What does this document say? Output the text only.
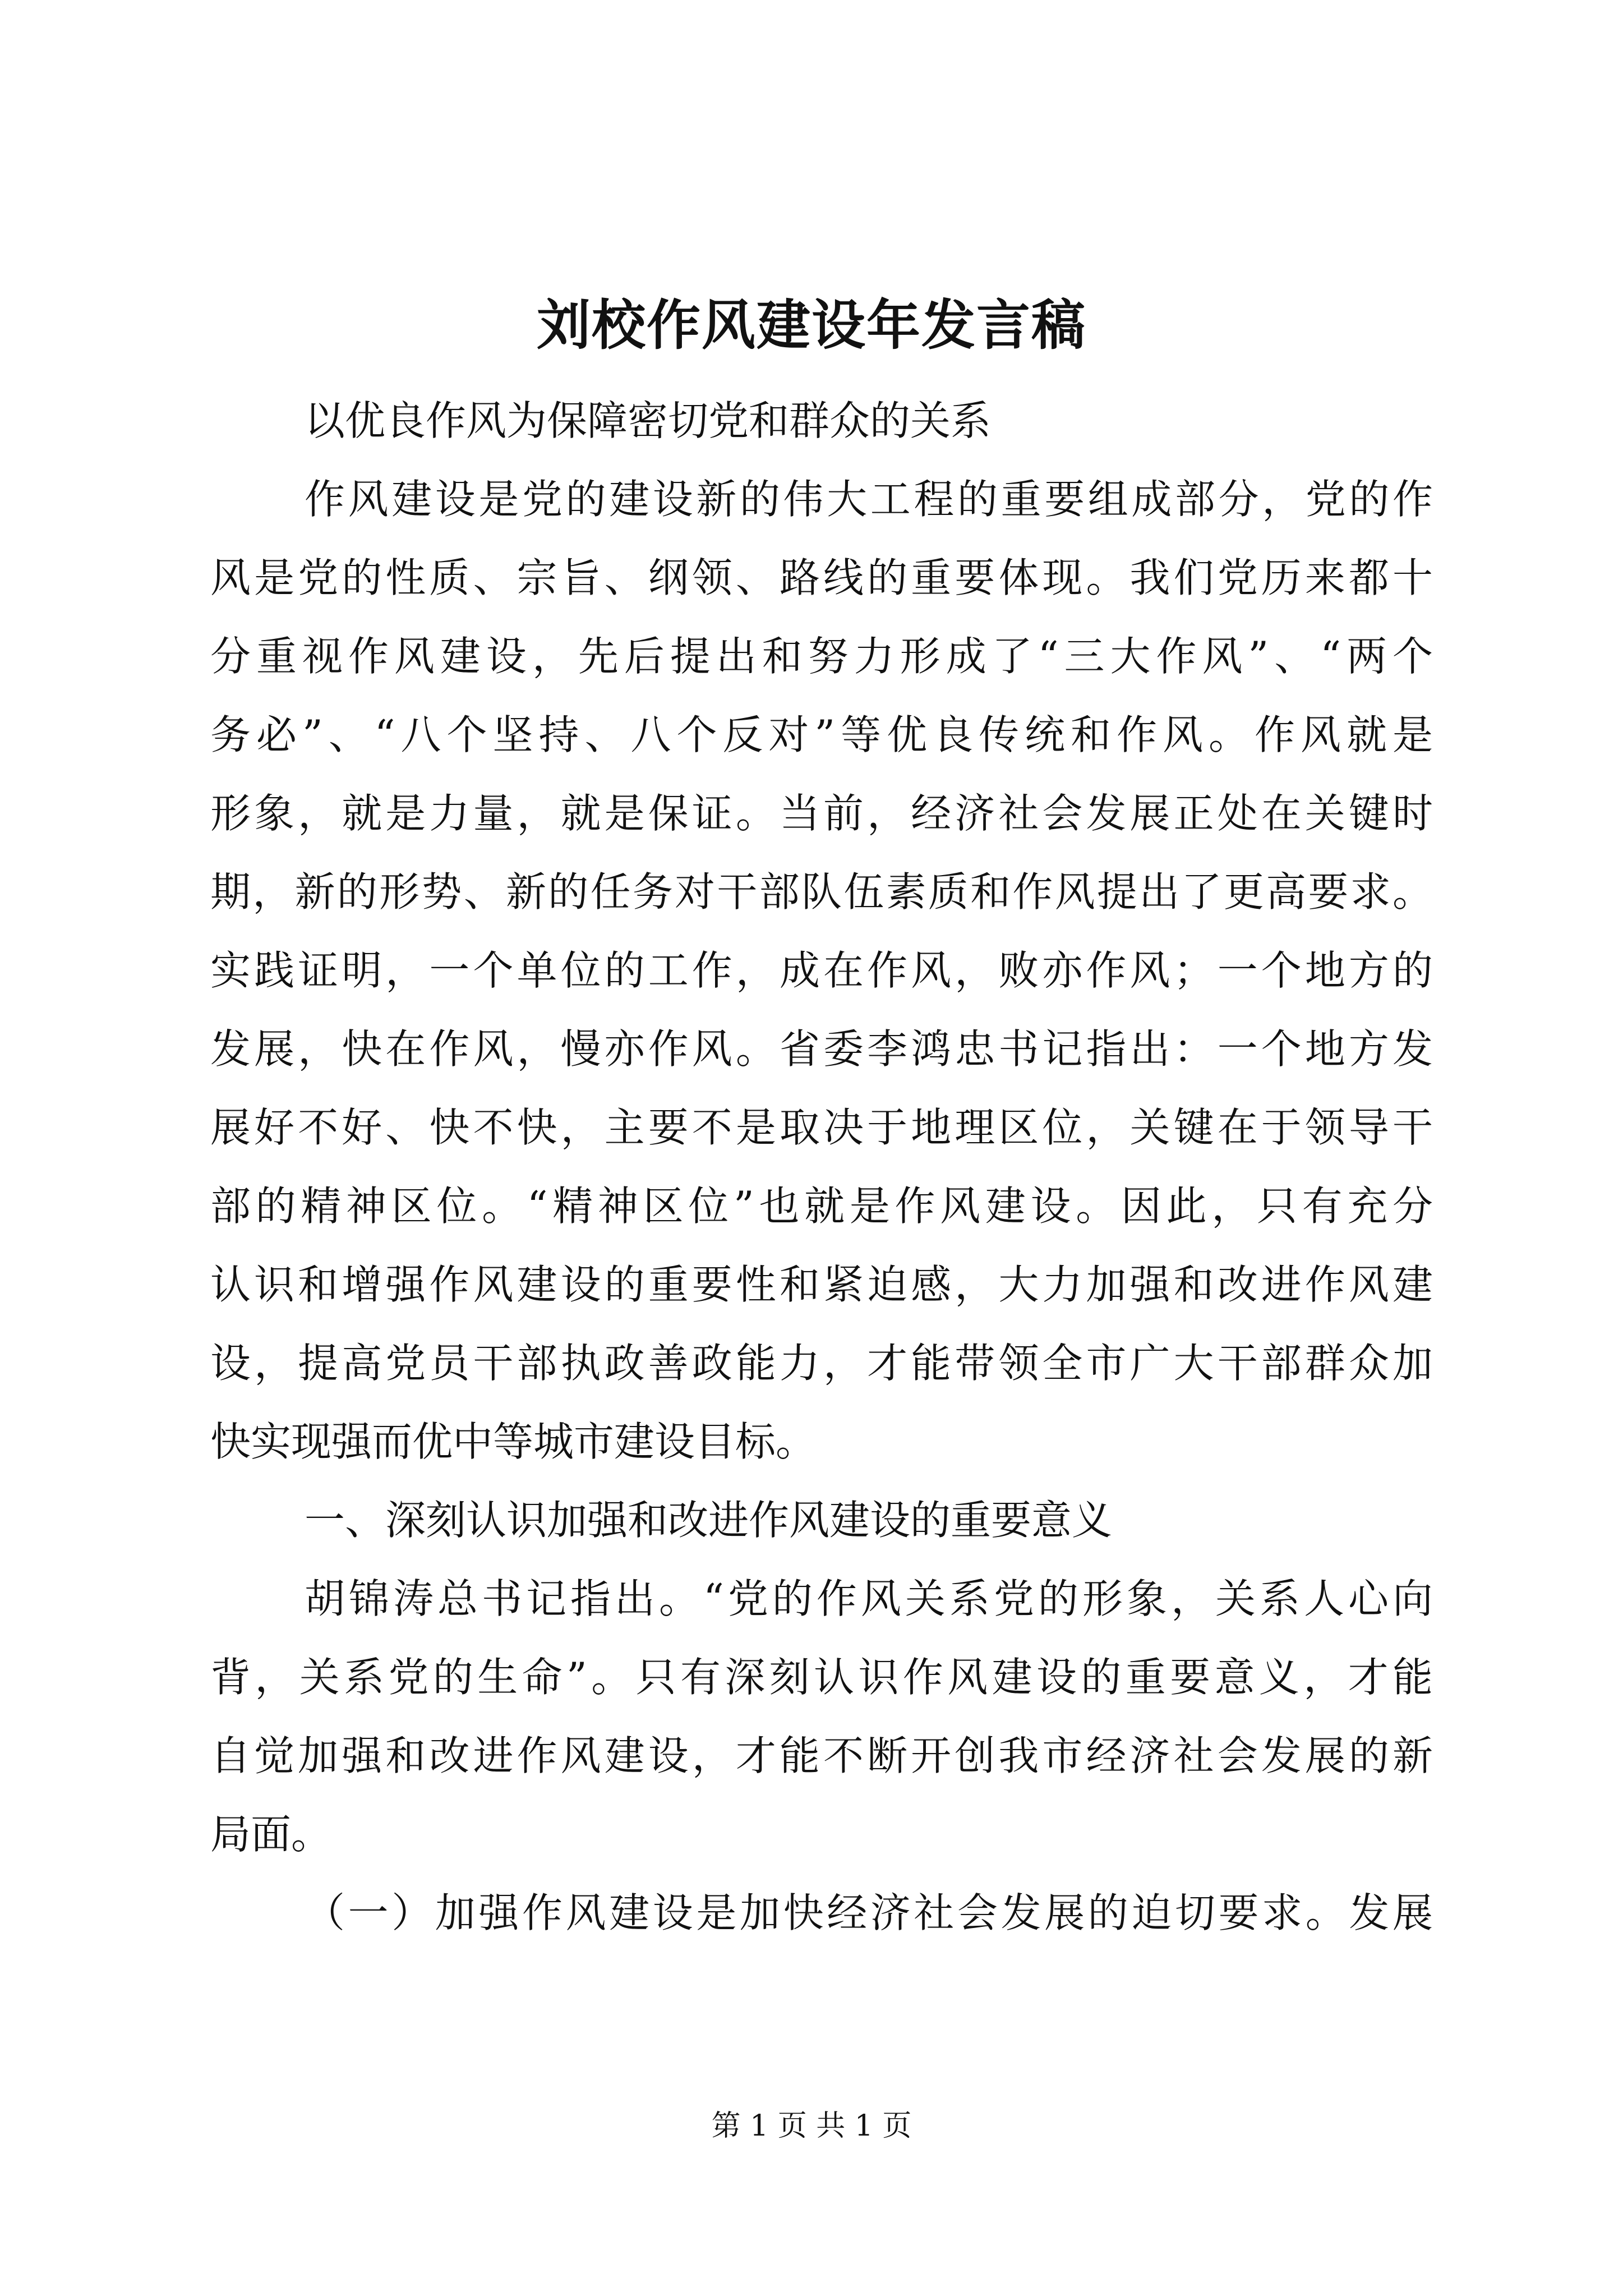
刘校作风建设年发言稿
以优良作风为保障密切党和群众的关系
作风建设是党的建设新的伟大工程的重要组成部分，党的作
风是党的性质、宗旨、纲领、路线的重要体现。我们党历来都十
分重视作风建设，先后提出和努力形成了“三大作风”、“两个
务必”、“八个坚持、八个反对”等优良传统和作风。作风就是
形象，就是力量，就是保证。当前，经济社会发展正处在关键时
期，新的形势、新的任务对干部队伍素质和作风提出了更高要求。
实践证明，一个单位的工作，成在作风，败亦作风；一个地方的
发展，快在作风，慢亦作风。省委李鸿忠书记指出：一个地方发
展好不好、快不快，主要不是取决于地理区位，关键在于领导干
部的精神区位。“精神区位”也就是作风建设。因此，只有充分
认识和增强作风建设的重要性和紧迫感，大力加强和改进作风建
设，提高党员干部执政善政能力，才能带领全市广大干部群众加
快实现强而优中等城市建设目标。
一、深刻认识加强和改进作风建设的重要意义
胡锦涛总书记指出。“党的作风关系党的形象，关系人心向
背，关系党的生命”。只有深刻认识作风建设的重要意义，才能
自觉加强和改进作风建设，才能不断开创我市经济社会发展的新
局面。
（一）加强作风建设是加快经济社会发展的迫切要求。发展
第 1 页 共 1 页
